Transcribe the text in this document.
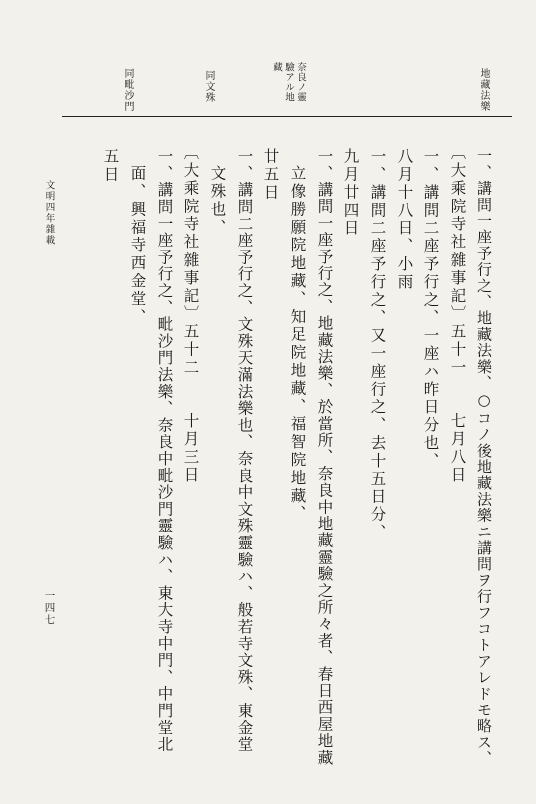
地藏法樂
奈良ノ靈驗アル地藏
同文殊
同毗沙門
一、講問一座予行之、地藏法樂、○コノ後地藏法樂ニ講問ヲ行フコトアレドモ略ス、
〔大乘院寺社雜事記〕五十一　　七月八日
一、講問二座予行之、一座ハ昨日分也、
八月十八日、小雨
一、講問二座予行之、又一座行之、去十五日分、
九月廿四日
一、講問一座予行之、地藏法樂、於當所、奈良中地藏靈驗之所々者、春日西屋地藏
立像勝願院地藏、知足院地藏、福智院地藏、
廿五日
一、講問二座予行之、文殊天滿法樂也、奈良中文殊靈驗ハ、般若寺文殊、東金堂
文殊也、
〔大乘院寺社雜事記〕五十二　　十月三日
一、講問一座予行之、毗沙門法樂、奈良中毗沙門靈驗ハ、東大寺中門、中門堂北
面、興福寺西金堂、
五日
文明四年雜載
一四七
